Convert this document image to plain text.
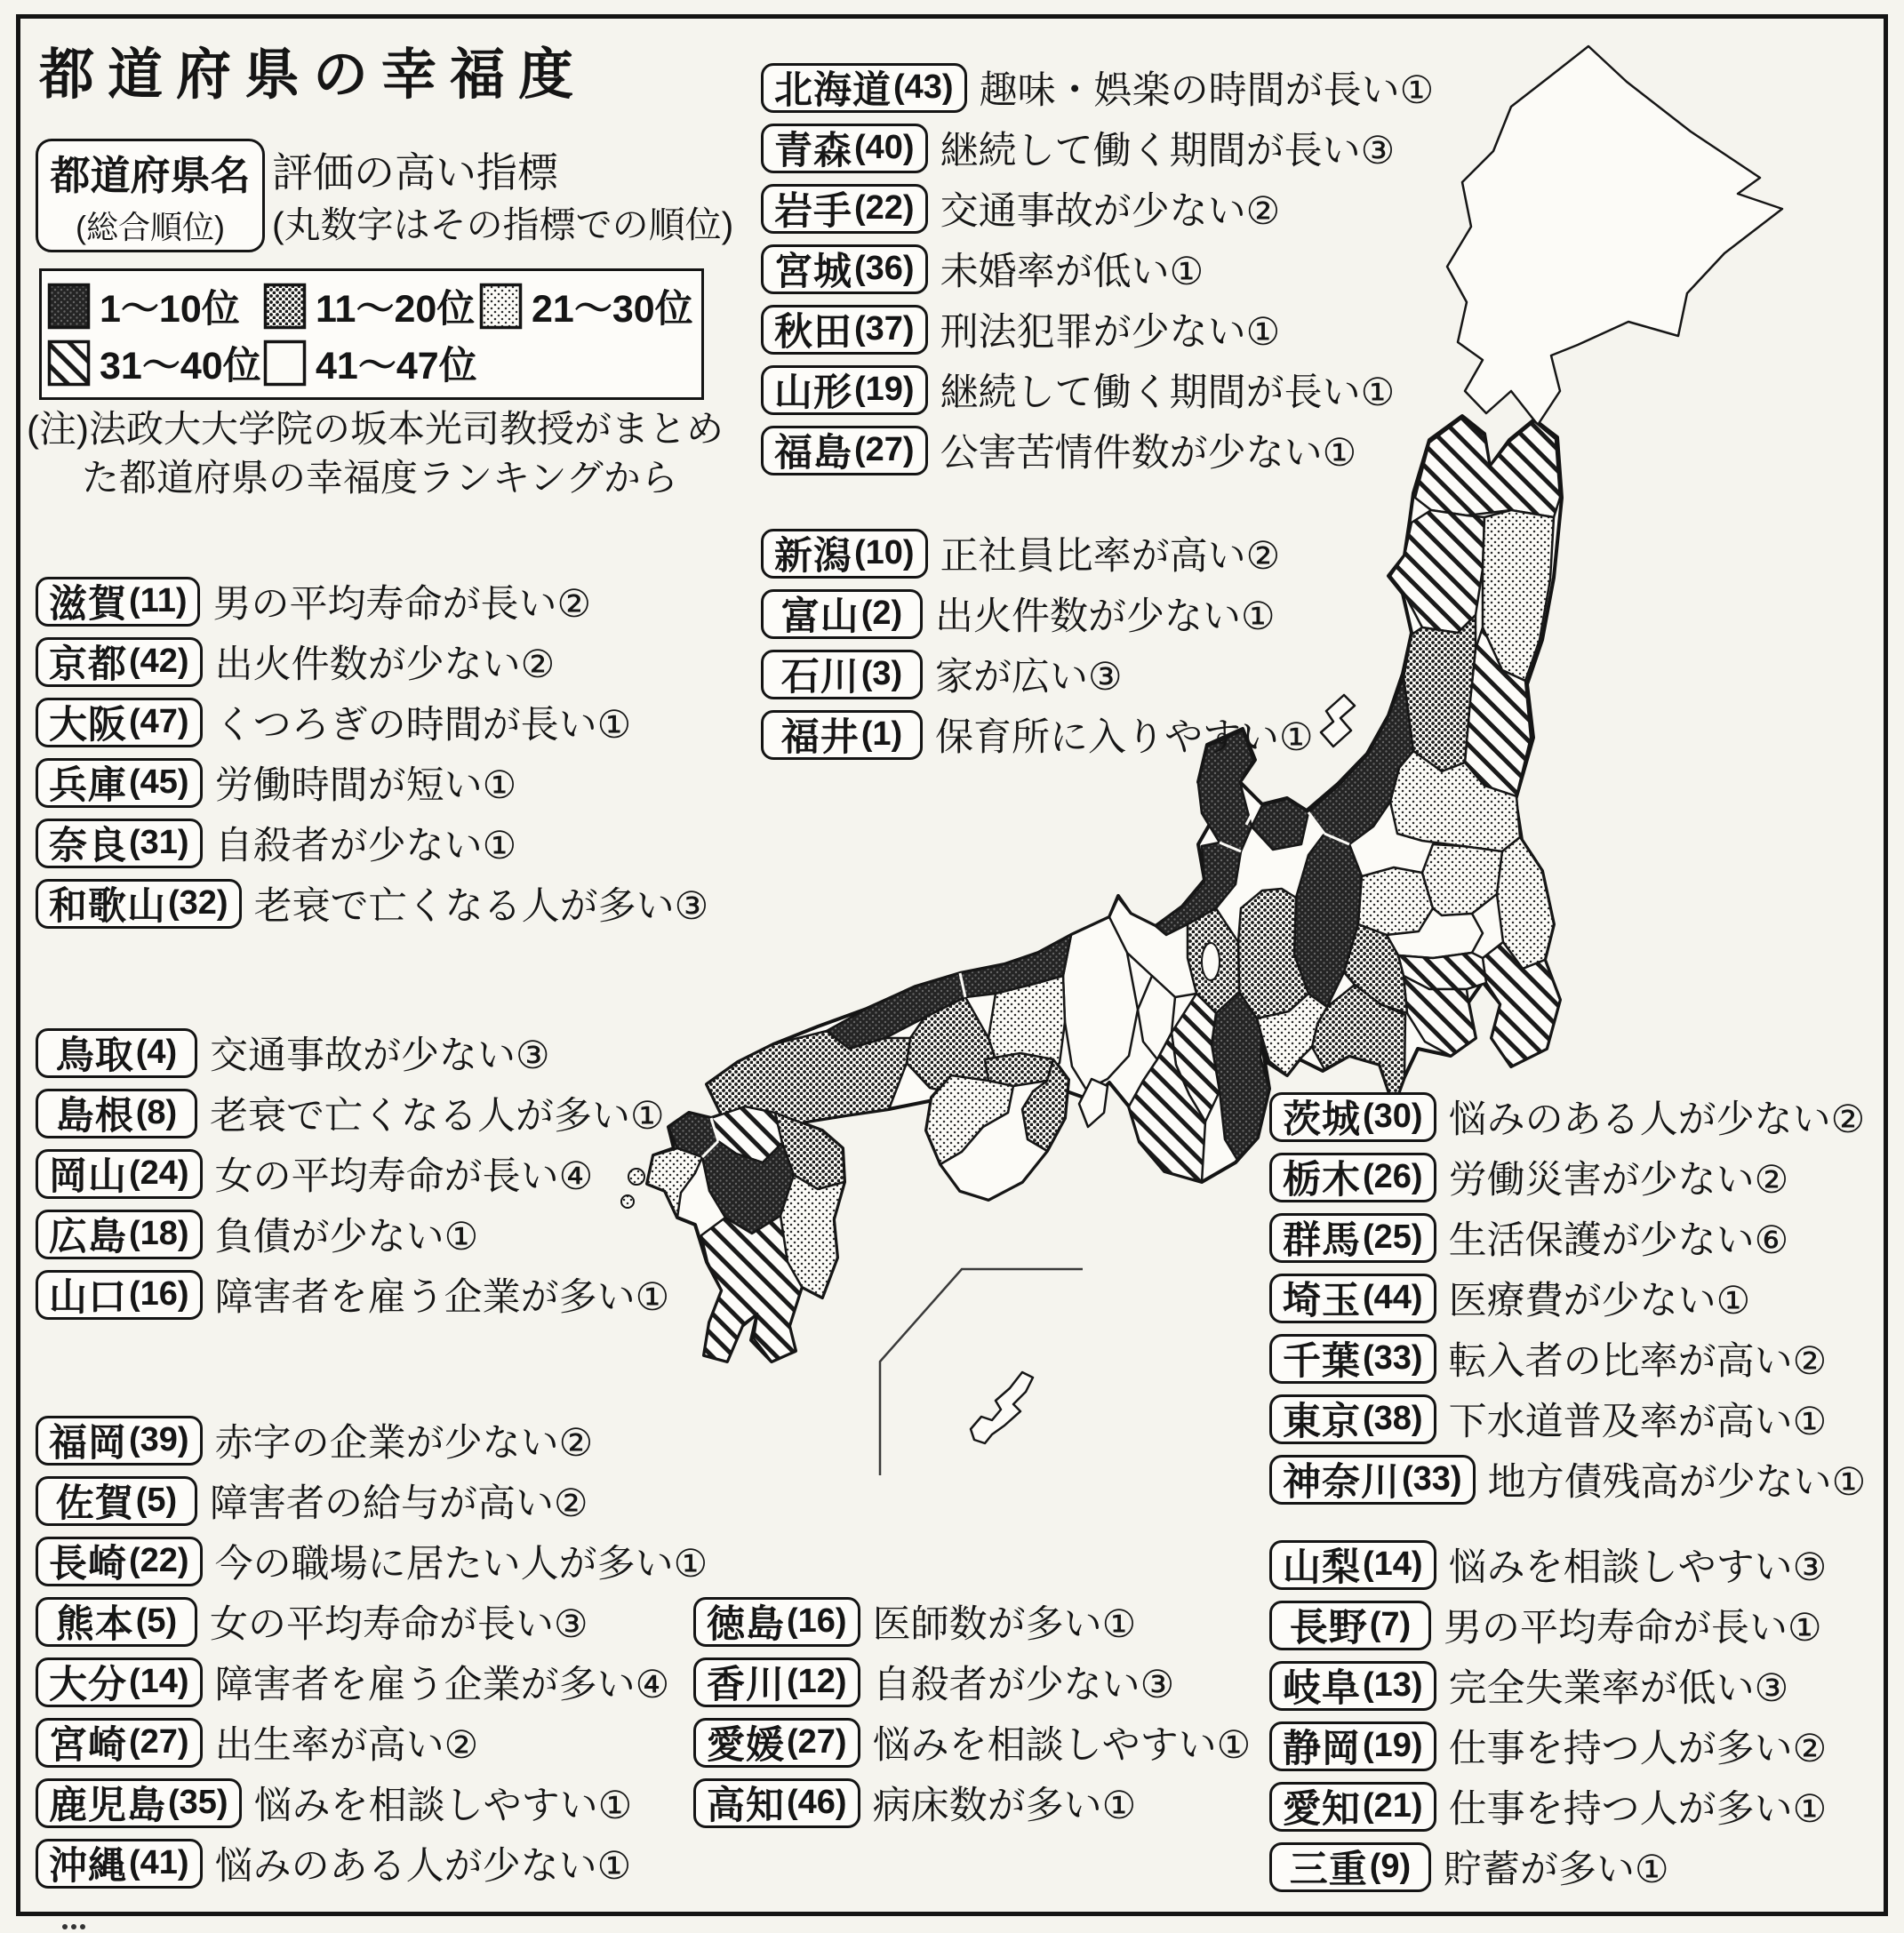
都道府県の幸福度
都道府県名
(総合順位)
評価の高い指標
(丸数字はその指標での順位)
1〜10位 11〜20位 21〜30位
31〜40位 41〜47位
(注)法政大大学院の坂本光司教授がまとめ
た都道府県の幸福度ランキングから
北海道 (43) 趣味・娯楽の時間が長い①
青森 (40) 継続して働く期間が長い③
岩手 (22) 交通事故が少ない②
宮城 (36) 未婚率が低い①
秋田 (37) 刑法犯罪が少ない①
山形 (19) 継続して働く期間が長い①
福島 (27) 公害苦情件数が少ない①
新潟 (10) 正社員比率が高い②
富山 (2) 出火件数が少ない①
石川 (3) 家が広い③
福井 (1) 保育所に入りやすい①
滋賀 (11) 男の平均寿命が長い②
京都 (42) 出火件数が少ない②
大阪 (47) くつろぎの時間が長い①
兵庫 (45) 労働時間が短い①
奈良 (31) 自殺者が少ない①
和歌山 (32) 老衰で亡くなる人が多い③
鳥取 (4) 交通事故が少ない③
島根 (8) 老衰で亡くなる人が多い①
岡山 (24) 女の平均寿命が長い④
広島 (18) 負債が少ない①
山口 (16) 障害者を雇う企業が多い①
福岡 (39) 赤字の企業が少ない②
佐賀 (5) 障害者の給与が高い②
長崎 (22) 今の職場に居たい人が多い①
熊本 (5) 女の平均寿命が長い③
大分 (14) 障害者を雇う企業が多い④
宮崎 (27) 出生率が高い②
鹿児島 (35) 悩みを相談しやすい①
沖縄 (41) 悩みのある人が少ない①
徳島 (16) 医師数が多い①
香川 (12) 自殺者が少ない③
愛媛 (27) 悩みを相談しやすい①
高知 (46) 病床数が多い①
茨城 (30) 悩みのある人が少ない②
栃木 (26) 労働災害が少ない②
群馬 (25) 生活保護が少ない⑥
埼玉 (44) 医療費が少ない①
千葉 (33) 転入者の比率が高い②
東京 (38) 下水道普及率が高い①
神奈川 (33) 地方債残高が少ない①
山梨 (14) 悩みを相談しやすい③
長野 (7) 男の平均寿命が長い①
岐阜 (13) 完全失業率が低い③
静岡 (19) 仕事を持つ人が多い②
愛知 (21) 仕事を持つ人が多い①
三重 (9) 貯蓄が多い①
